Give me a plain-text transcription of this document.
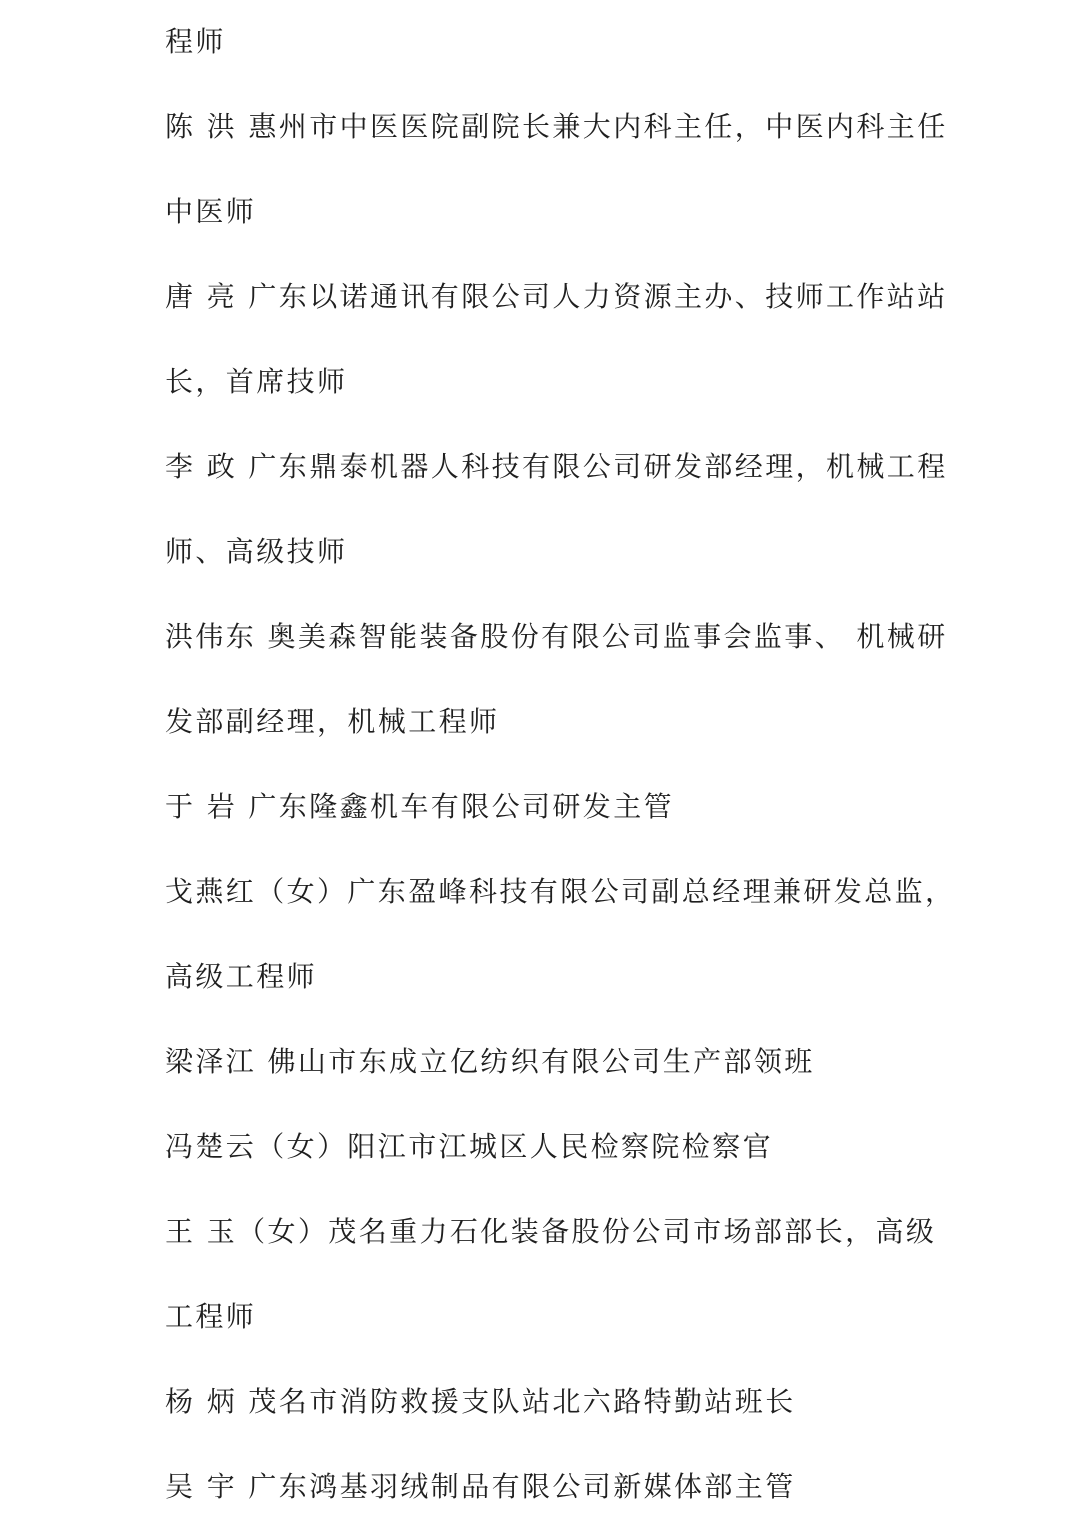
程师
陈 洪 惠州市中医医院副院长兼大内科主任，中医内科主任
中医师
唐 亮 广东以诺通讯有限公司人力资源主办、技师工作站站
长，首席技师
李 政 广东鼎泰机器人科技有限公司研发部经理，机械工程
师、高级技师
洪伟东 奥美森智能装备股份有限公司监事会监事、 机械研
发部副经理，机械工程师
于 岩 广东隆鑫机车有限公司研发主管
戈燕红（女）广东盈峰科技有限公司副总经理兼研发总监，
高级工程师
梁泽江 佛山市东成立亿纺织有限公司生产部领班
冯楚云（女）阳江市江城区人民检察院检察官
王 玉（女）茂名重力石化装备股份公司市场部部长，高级
工程师
杨 炳 茂名市消防救援支队站北六路特勤站班长
吴 宇 广东鸿基羽绒制品有限公司新媒体部主管
